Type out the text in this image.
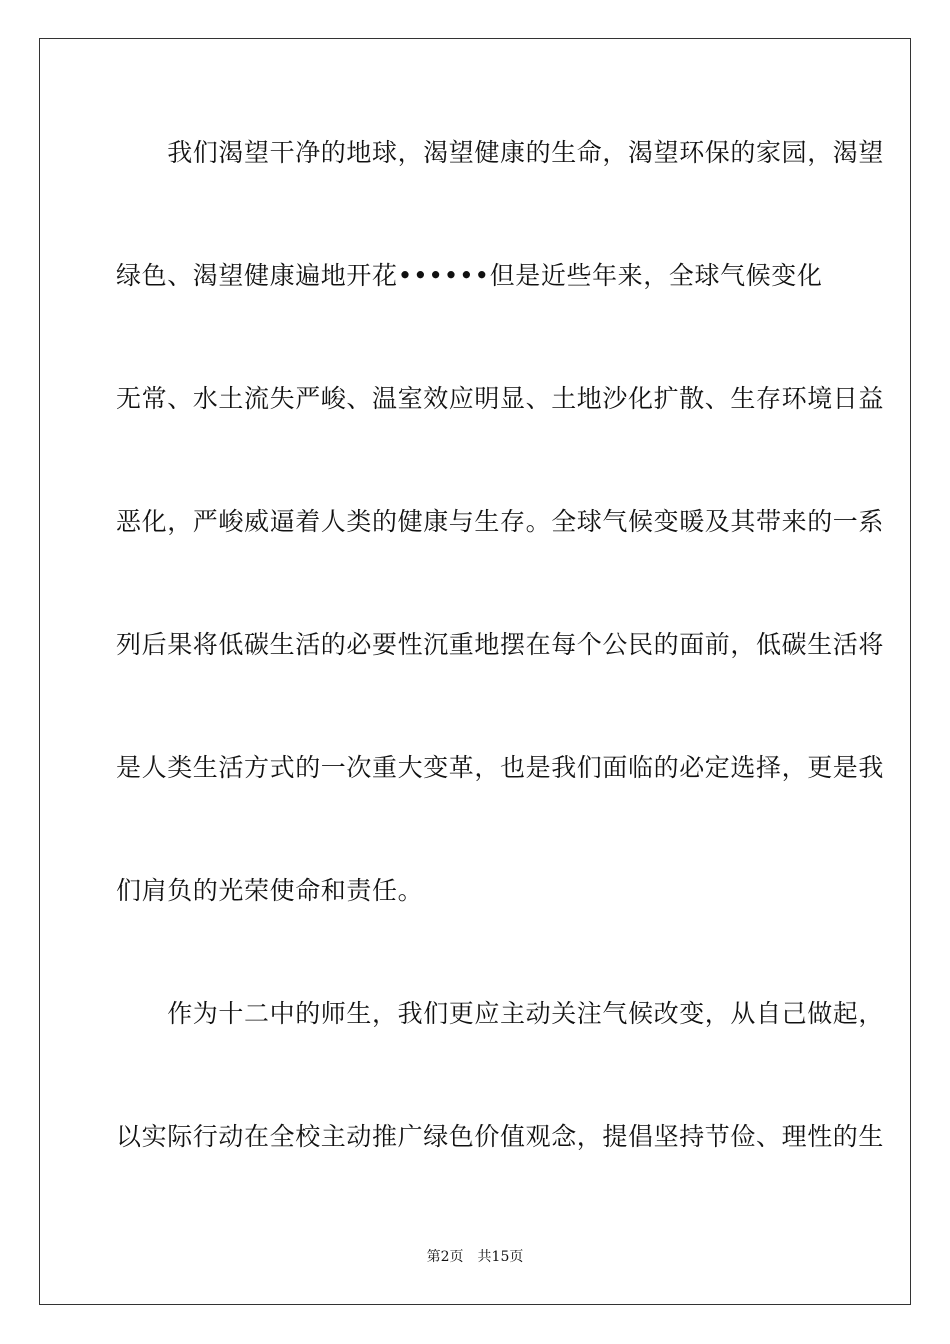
　　我们渴望干净的地球，渴望健康的生命，渴望环保的家园，渴望
绿色、渴望健康遍地开花••••••但是近些年来，全球气候变化
无常、水土流失严峻、温室效应明显、土地沙化扩散、生存环境日益
恶化，严峻威逼着人类的健康与生存。全球气候变暖及其带来的一系
列后果将低碳生活的必要性沉重地摆在每个公民的面前，低碳生活将
是人类生活方式的一次重大变革，也是我们面临的必定选择，更是我
们肩负的光荣使命和责任。
　　作为十二中的师生，我们更应主动关注气候改变，从自己做起，
以实际行动在全校主动推广绿色价值观念，提倡坚持节俭、理性的生
第2页 共15页
